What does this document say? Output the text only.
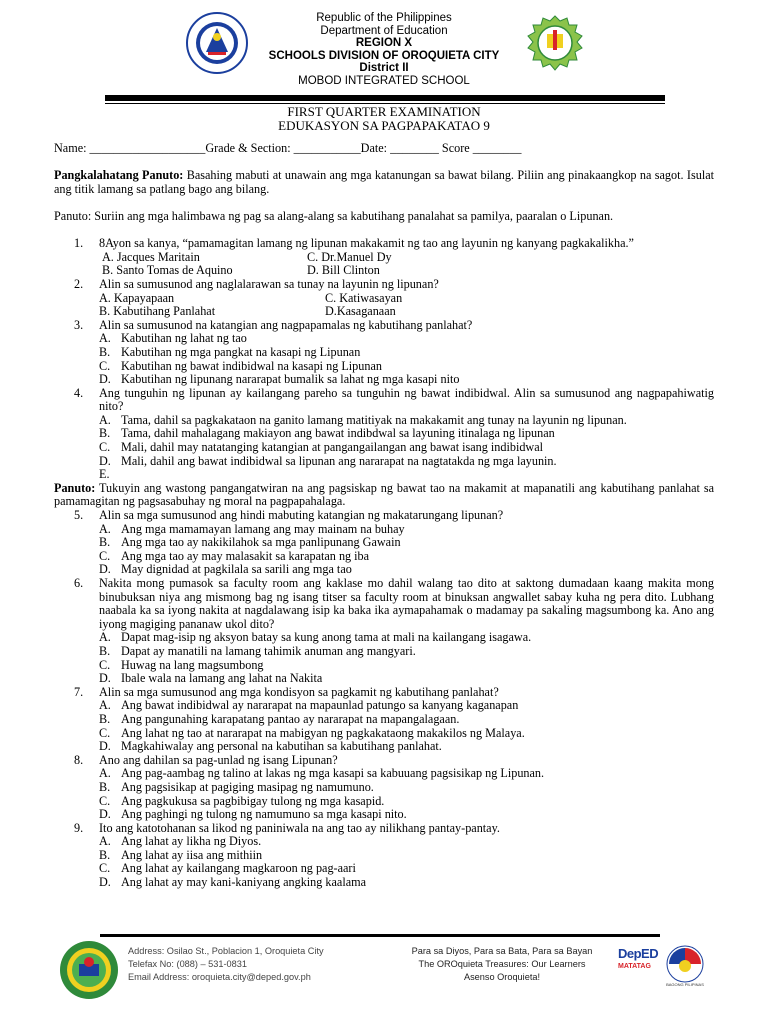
Republic of the Philippines
Department of Education
REGION X
SCHOOLS DIVISION OF OROQUIETA CITY
District II
MOBOD INTEGRATED SCHOOL
FIRST QUARTER EXAMINATION
EDUKASYON SA PAGPAPAKATAO 9

Name: ___________________Grade & Section: ___________Date: ________ Score ________

Pangkalahatang Panuto: Basahing mabuti at unawain ang mga katanungan sa bawat bilang. Piliin ang pinakaangkop na sagot. Isulat ang titik lamang sa patlang bago ang bilang.

Panuto: Suriin ang mga halimbawa ng pag sa alang-alang sa kabutihang panalahat sa pamilya, paaralan o Lipunan.

1. 8Ayon sa kanya, “pamamagitan lamang ng lipunan makakamit ng tao ang layunin ng kanyang pagkakalikha.”
A. Jacques Maritain	C. Dr.Manuel Dy
B. Santo Tomas de Aquino	D. Bill Clinton
2. Alin sa sumusunod ang naglalarawan sa tunay na layunin ng lipunan?
A. Kapayapaan	C. Katiwasayan
B. Kabutihang Panlahat	D.Kasaganaan
3. Alin sa sumusunod na katangian ang nagpapamalas ng kabutihang panlahat?
A. Kabutihan ng lahat ng tao
B. Kabutihan ng mga pangkat na kasapi ng Lipunan
C. Kabutihan ng bawat indibidwal na kasapi ng Lipunan
D. Kabutihan ng lipunang nararapat bumalik sa lahat ng mga kasapi nito
4. Ang tunguhin ng lipunan ay kailangang pareho sa tunguhin ng bawat indibidwal. Alin sa sumusunod ang nagpapahiwatig nito?
A. Tama, dahil sa pagkakataon na ganito lamang matitiyak na makakamit ang tunay na layunin ng lipunan.
B. Tama, dahil mahalagang makiayon ang bawat indibdwal sa layuning itinalaga ng lipunan
C. Mali, dahil may natatanging katangian at pangangailangan ang bawat isang indibidwal
D. Mali, dahil ang bawat indibidwal sa lipunan ang nararapat na nagtatakda ng mga layunin.
E.

Panuto: Tukuyin ang wastong pangangatwiran na ang pagsiskap ng bawat tao na makamit at mapanatili ang kabutihang panlahat sa pamamagitan ng pagsasabuhay ng moral na pagpapahalaga.

5. Alin sa mga sumusunod ang hindi mabuting katangian ng makatarungang lipunan?
A. Ang mga mamamayan lamang ang may mainam na buhay
B. Ang mga tao ay nakikilahok sa mga panlipunang Gawain
C. Ang mga tao ay may malasakit sa karapatan ng iba
D. May dignidad at pagkilala sa sarili ang mga tao
6. Nakita mong pumasok sa faculty room ang kaklase mo dahil walang tao dito at saktong dumadaan kaang makita mong binubuksan niya ang mismong bag ng isang titser sa faculty room at binuksan angwallet sabay kuha ng pera dito. Lubhang naabala ka sa iyong nakita at nagdalawang isip ka baka ika aymapahamak o madamay pa sakaling magsumbong ka. Ano ang iyong magiging pananaw ukol dito?
A. Dapat mag-isip ng aksyon batay sa kung anong tama at mali na kailangang isagawa.
B. Dapat ay manatili na lamang tahimik anuman ang mangyari.
C. Huwag na lang magsumbong
D. Ibale wala na lamang ang lahat na Nakita
7. Alin sa mga sumusunod ang mga kondisyon sa pagkamit ng kabutihang panlahat?
A. Ang bawat indibidwal ay nararapat na mapaunlad patungo sa kanyang kaganapan
B. Ang pangunahing karapatang pantao ay nararapat na mapangalagaan.
C. Ang lahat ng tao at nararapat na mabigyan ng pagkakataong makakilos ng Malaya.
D. Magkahiwalay ang personal na kabutihan sa kabutihang panlahat.
8. Ano ang dahilan sa pag-unlad ng isang Lipunan?
A. Ang pag-aambag ng talino at lakas ng mga kasapi sa kabuuang pagsisikap ng Lipunan.
B. Ang pagsisikap at pagiging masipag ng namumuno.
C. Ang pagkukusa sa pagbibigay tulong ng mga kasapid.
D. Ang paghingi ng tulong ng namumuno sa mga kasapi nito.
9. Ito ang katotohanan sa likod ng paniniwala na ang tao ay nilikhang pantay-pantay.
A. Ang lahat ay likha ng Diyos.
B. Ang lahat ay iisa ang mithiin
C. Ang lahat ay kailangang magkaroon ng pag-aari
D. Ang lahat ay may kani-kaniyang angking kaalama
Address: Osilao St., Poblacion 1, Oroquieta City
Telefax No: (088) – 531-0831
Email Address: oroquieta.city@deped.gov.ph
Para sa Diyos, Para sa Bata, Para sa Bayan
The OROquieta Treasures: Our Learners
Asenso Oroquieta!
DepED
MATATAG
BAGONG PILIPINAS
